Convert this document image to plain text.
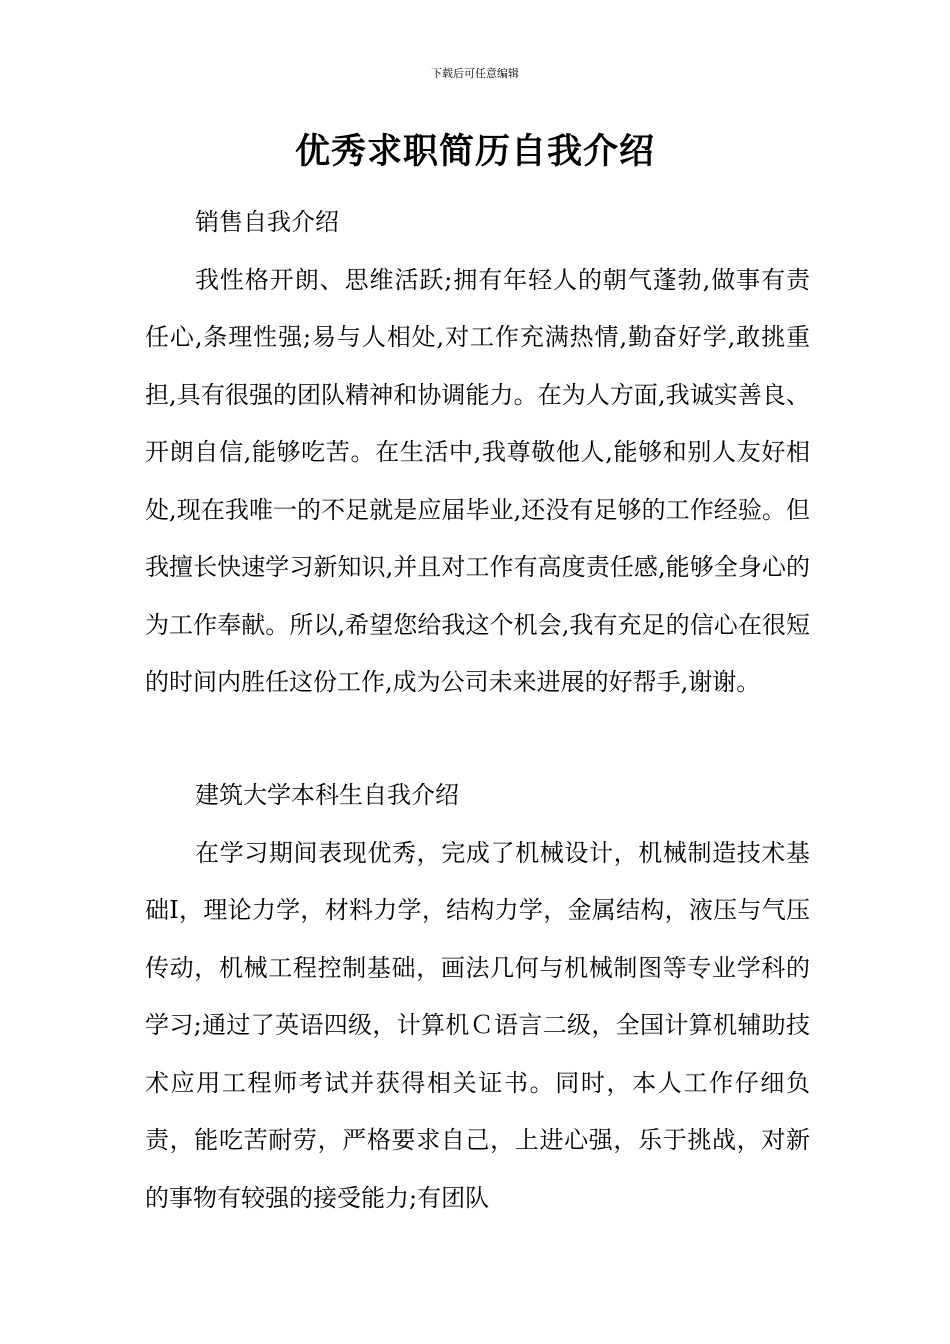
下载后可任意编辑
优秀求职简历自我介绍

销售自我介绍

我性格开朗、思维活跃;拥有年轻人的朝气蓬勃,做事有责任心,条理性强;易与人相处,对工作充满热情,勤奋好学,敢挑重担,具有很强的团队精神和协调能力。在为人方面,我诚实善良、开朗自信,能够吃苦。在生活中,我尊敬他人,能够和别人友好相处,现在我唯一的不足就是应届毕业,还没有足够的工作经验。但我擅长快速学习新知识,并且对工作有高度责任感,能够全身心的为工作奉献。所以,希望您给我这个机会,我有充足的信心在很短的时间内胜任这份工作,成为公司未来进展的好帮手,谢谢。

建筑大学本科生自我介绍

在学习期间表现优秀，完成了机械设计，机械制造技术基础Ⅰ，理论力学，材料力学，结构力学，金属结构，液压与气压传动，机械工程控制基础，画法几何与机械制图等专业学科的学习;通过了英语四级，计算机Ｃ语言二级，全国计算机辅助技术应用工程师考试并获得相关证书。同时，本人工作仔细负责，能吃苦耐劳，严格要求自己，上进心强，乐于挑战，对新的事物有较强的接受能力;有团队
